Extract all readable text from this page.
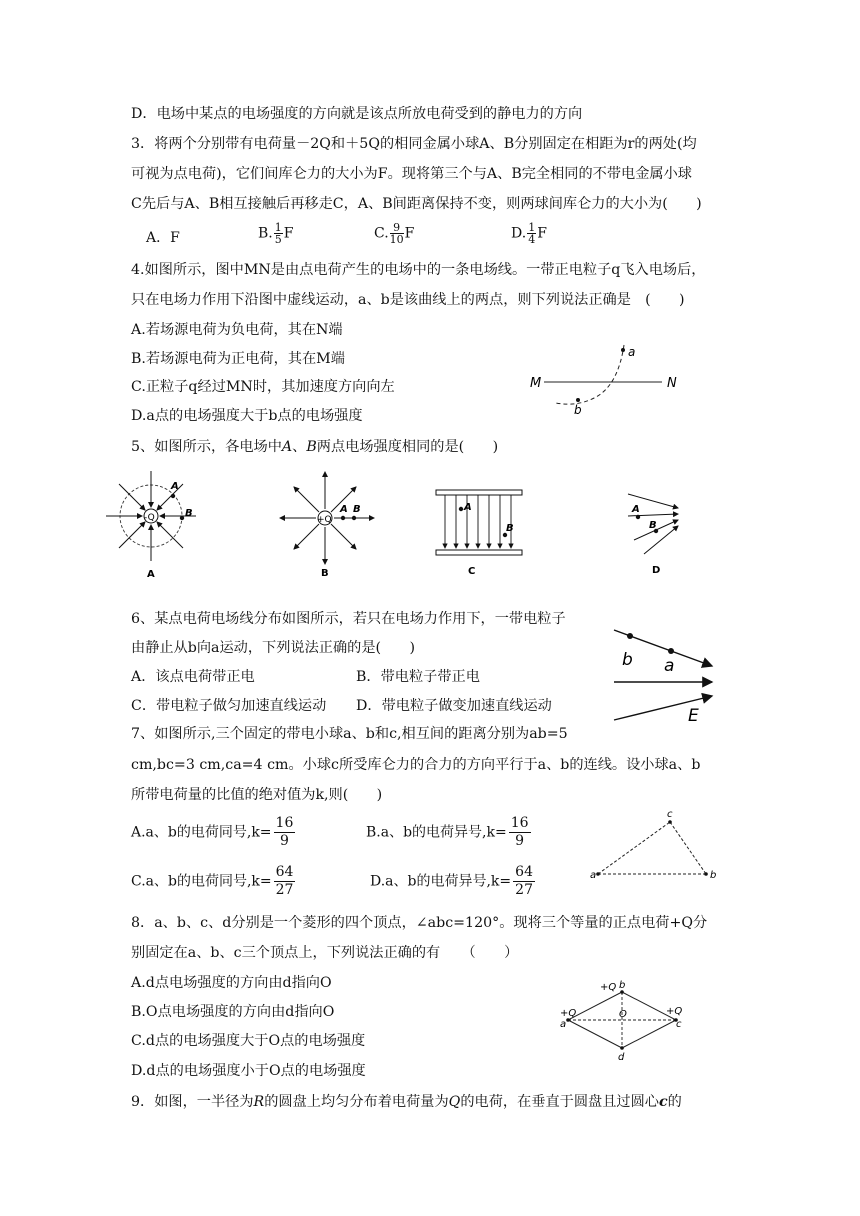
D．电场中某点的电场强度的方向就是该点所放电荷受到的静电力的方向
3．将两个分别带有电荷量－2Q和＋5Q的相同金属小球A、B分别固定在相距为r的两处(均
可视为点电荷)，它们间库仑力的大小为F。现将第三个与A、B完全相同的不带电金属小球
C先后与A、B相互接触后再移走C，A、B间距离保持不变，则两球间库仑力的大小为(　　)
A．F	B. $\frac{1}{5}$ F	C. $\frac{9}{10}$ F	D. $\frac{1}{4}$ F
4.如图所示，图中MN是由点电荷产生的电场中的一条电场线。一带正电粒子q飞入电场后，
只在电场力作用下沿图中虚线运动，a、b是该曲线上的两点，则下列说法正确是　(　　)
A.若场源电荷为负电荷，其在N端
B.若场源电荷为正电荷，其在M端
C.正粒子q经过MN时，其加速度方向向左
D.a点的电场强度大于b点的电场强度
M	N
a
b
5、如图所示，各电场中A、B两点电场强度相同的是(　　)
-Q
A
B
A
+Q
A B
B
A
B
C
A
B
D
6、某点电荷电场线分布如图所示，若只在电场力作用下，一带电粒子
由静止从b向a运动，下列说法正确的是(　　)
A．该点电荷带正电	B．带电粒子带正电
C．带电粒子做匀加速直线运动 D．带电粒子做变加速直线运动
b a
E
7、如图所示,三个固定的带电小球a、b和c,相互间的距离分别为ab=5
cm,bc=3 cm,ca=4 cm。小球c所受库仑力的合力的方向平行于a、b的连线。设小球a、b
所带电荷量的比值的绝对值为k,则(　　)
A.a、b的电荷同号$,k= \frac{16}{9}$	B.a、b的电荷异号$,k= \frac{16}{9}$
C.a、b的电荷同号$,k= \frac{64}{27}$	D.a、b的电荷异号$,k= \frac{64}{27}$	a	b
c
8．a、b、c、d分别是一个菱形的四个顶点，∠abc=120°。现将三个等量的正点电荷+Q分
别固定在a、b、c三个顶点上，下列说法正确的有　　（　　）
A.d点电场强度的方向由d指向O
B.O点电场强度的方向由d指向O
C.d点的电场强度大于O点的电场强度
D.d点的电场强度小于O点的电场强度
+Q b
+Q
a
+Q
c
O
d
9．如图，一半径为R的圆盘上均匀分布着电荷量为Q的电荷，在垂直于圆盘且过圆心c的
